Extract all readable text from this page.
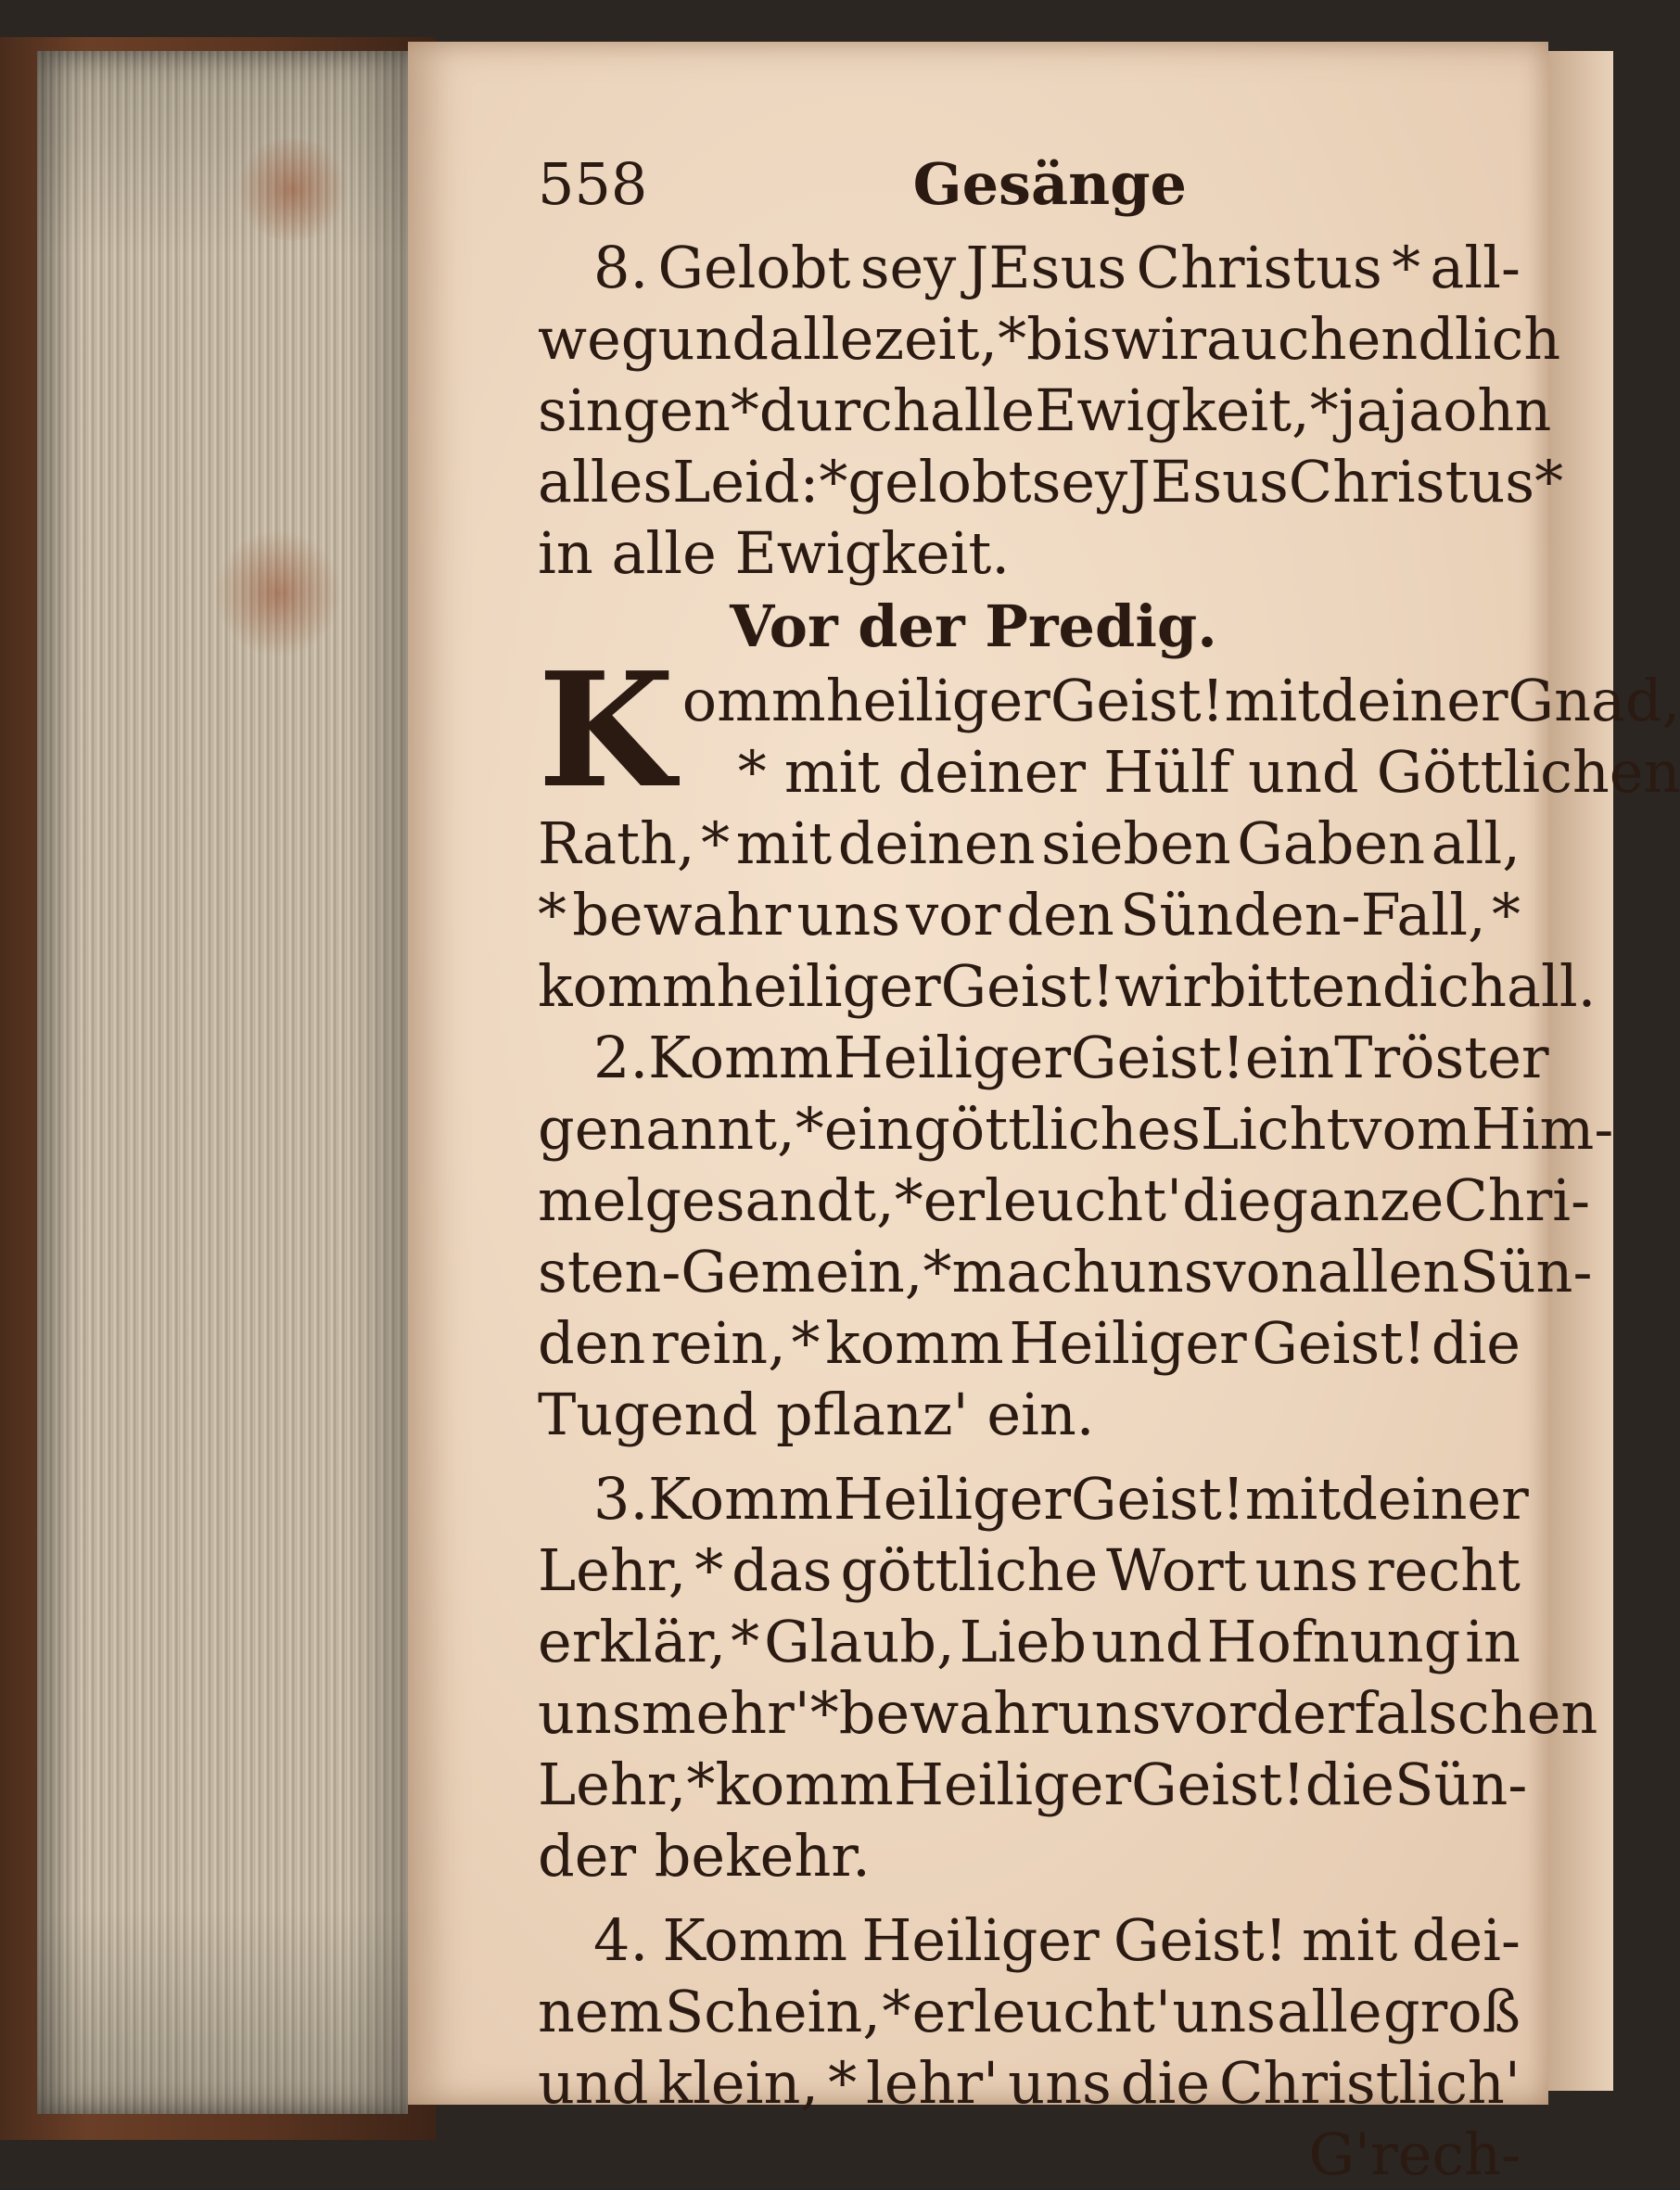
558	Gesänge
8. Gelobt sey JEsus Christus * all‑
weg und allezeit, * bis wir auch endlich
singen * durch alle Ewigkeit, * ja ja ohn
alles Leid: * gelobt sey JEsus Christus*
in alle Ewigkeit.
Vor der Predig.
K omm heiliger Geist! mit deiner Gnad,
* mit deiner Hülf und Göttlichen
Rath, * mit deinen sieben Gaben all,
* bewahr uns vor den Sünden‑Fall, *
komm heiliger Geist! wir bitten dich all.
2. Komm Heiliger Geist! ein Tröster
genannt, * ein göttliches Licht vom Him‑
mel gesandt, * erleucht' die ganze Chri‑
sten‑Gemein, * mach uns von allen Sün‑
den rein, * komm Heiliger Geist! die
Tugend pflanz' ein.
3. Komm Heiliger Geist! mit deiner
Lehr, * das göttliche Wort uns recht
erklär, * Glaub, Lieb und Hofnung in
uns mehr' * bewahr uns vor der falschen
Lehr, * komm Heiliger Geist! die Sün‑
der bekehr.
4. Komm Heiliger Geist! mit dei‑
nem Schein, * erleucht' uns alle groß
und klein, * lehr' uns die Christlich'
G'rech‑
